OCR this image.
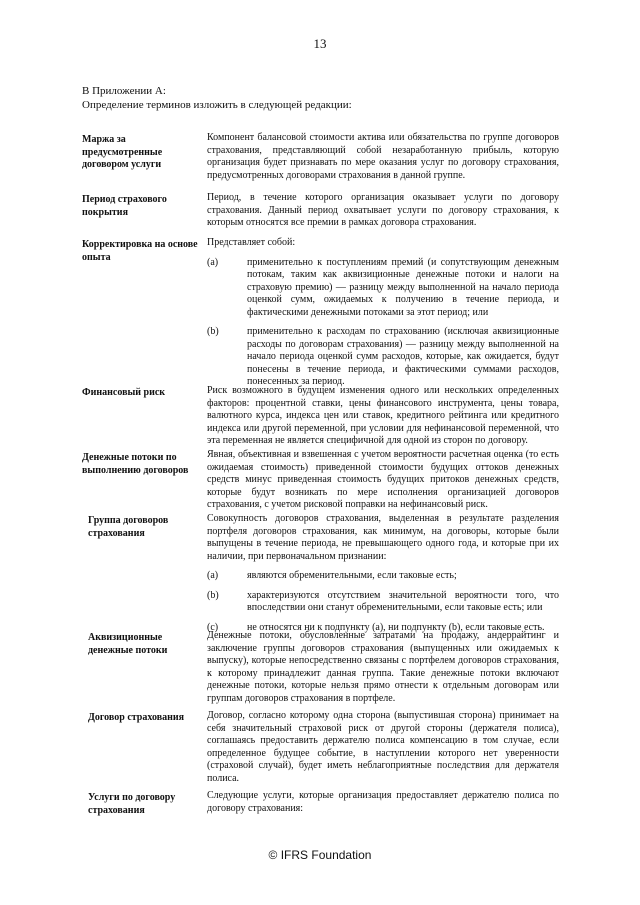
13
В Приложении А:
Определение терминов изложить в следующей редакции:
Маржа за предусмотренные договором услуги

Компонент балансовой стоимости актива или обязательства по группе договоров страхования, представляющий собой незаработанную прибыль, которую организация будет признавать по мере оказания услуг по договору страхования, предусмотренных договорами страхования в данной группе.

Период страхового покрытия

Период, в течение которого организация оказывает услуги по договору страхования. Данный период охватывает услуги по договору страхования, к которым относятся все премии в рамках договора страхования.

Корректировка на основе опыта

Представляет собой:

(a)	применительно к поступлениям премий (и сопутствующим денежным потокам, таким как аквизиционные денежные потоки и налоги на страховую премию) — разницу между выполненной на начало периода оценкой сумм, ожидаемых к получению в течение периода, и фактическими денежными потоками за этот период; или
(b)	применительно к расходам по страхованию (исключая аквизиционные расходы по договорам страхования) — разницу между выполненной на начало периода оценкой сумм расходов, которые, как ожидается, будут понесены в течение периода, и фактическими суммами расходов, понесенных за период.
Финансовый риск	Риск возможного в будущем изменения одного или нескольких определенных факторов: процентной ставки, цены финансового инструмента, цены товара, валютного курса, индекса цен или ставок, кредитного рейтинга или кредитного индекса или другой переменной, при условии для нефинансовой переменной, что эта переменная не является специфичной для одной из сторон по договору.

Денежные потоки по выполнению договоров

Явная, объективная и взвешенная с учетом вероятности расчетная оценка (то есть ожидаемая стоимость) приведенной стоимости будущих оттоков денежных средств минус приведенная стоимость будущих притоков денежных средств, которые будут возникать по мере исполнения организацией договоров страхования, с учетом рисковой поправки на нефинансовый риск.

Группа договоров страхования

Совокупность договоров страхования, выделенная в результате разделения портфеля договоров страхования, как минимум, на договоры, которые были выпущены в течение периода, не превышающего одного года, и которые при их наличии, при первоначальном признании:

(a)	являются обременительными, если таковые есть;
(b)	характеризуются отсутствием значительной вероятности того, что впоследствии они станут обременительными, если таковые есть; или
(c)	не относятся ни к подпункту (a), ни подпункту (b), если таковые есть.
Аквизиционные денежные потоки

Денежные потоки, обусловленные затратами на продажу, андеррайтинг и заключение группы договоров страхования (выпущенных или ожидаемых к выпуску), которые непосредственно связаны с портфелем договоров страхования, к которому принадлежит данная группа. Такие денежные потоки включают денежные потоки, которые нельзя прямо отнести к отдельным договорам или группам договоров страхования в портфеле.

Договор страхования	Договор, согласно которому одна сторона (выпустившая сторона) принимает на себя значительный страховой риск от другой стороны (держателя полиса), соглашаясь предоставить держателю полиса компенсацию в том случае, если определенное будущее событие, в наступлении которого нет уверенности (страховой случай), будет иметь неблагоприятные последствия для держателя полиса.

Услуги по договору страхования

Следующие услуги, которые организация предоставляет держателю полиса по договору страхования:

© IFRS Foundation
